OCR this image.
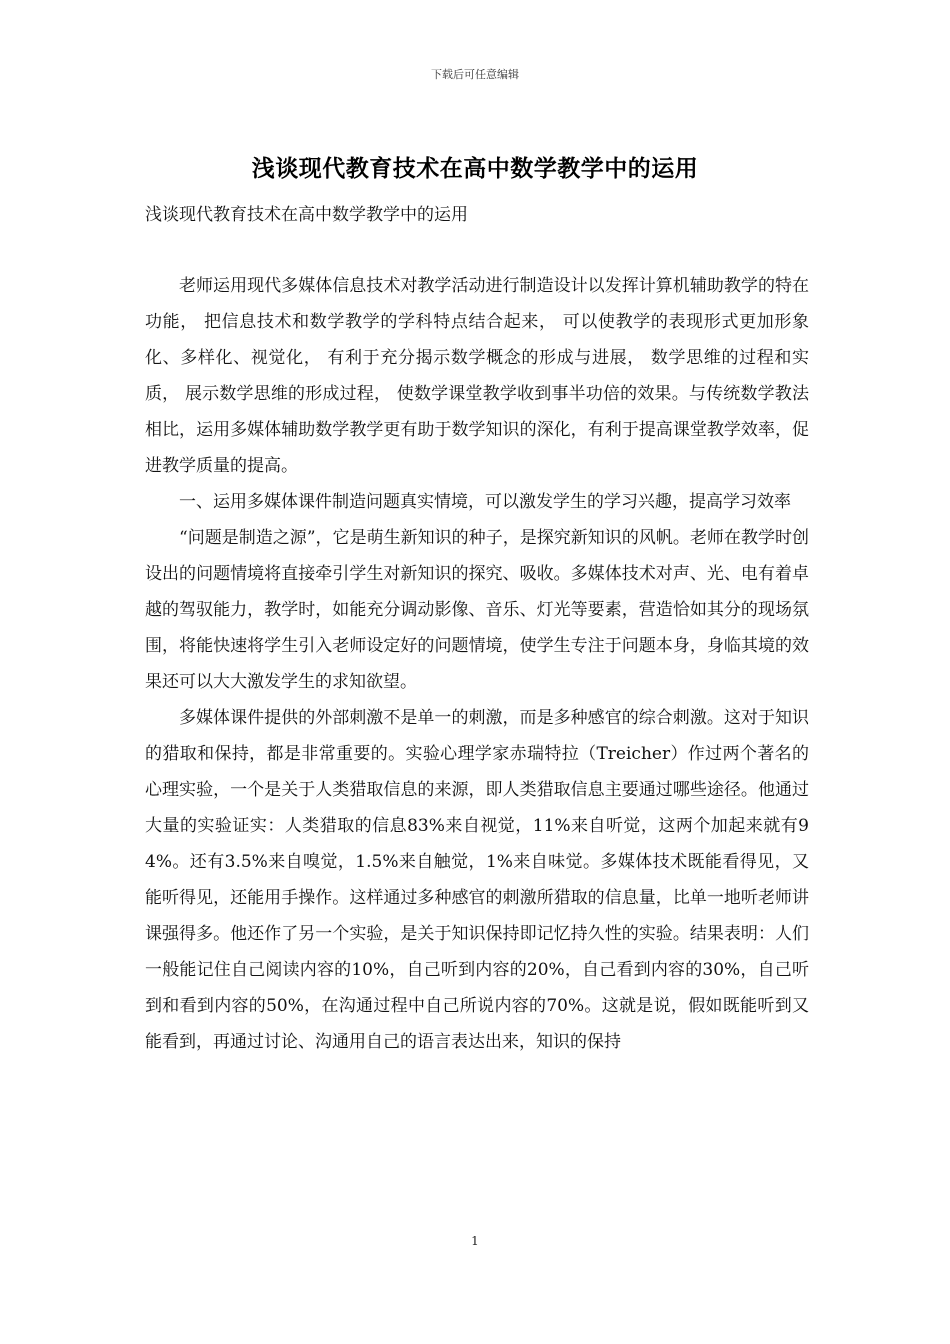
下载后可任意编辑
浅谈现代教育技术在高中数学教学中的运用
浅谈现代教育技术在高中数学教学中的运用

老师运用现代多媒体信息技术对教学活动进行制造设计以发挥计算机辅助教学的特在功能， 把信息技术和数学教学的学科特点结合起来， 可以使教学的表现形式更加形象化、多样化、视觉化， 有利于充分揭示数学概念的形成与进展， 数学思维的过程和实质， 展示数学思维的形成过程， 使数学课堂教学收到事半功倍的效果。与传统数学教法相比，运用多媒体辅助数学教学更有助于数学知识的深化，有利于提高课堂教学效率，促进教学质量的提高。

一、运用多媒体课件制造问题真实情境，可以激发学生的学习兴趣，提高学习效率

“问题是制造之源”，它是萌生新知识的种子，是探究新知识的风帆。老师在教学时创设出的问题情境将直接牵引学生对新知识的探究、吸收。多媒体技术对声、光、电有着卓越的驾驭能力，教学时，如能充分调动影像、音乐、灯光等要素，营造恰如其分的现场氛围，将能快速将学生引入老师设定好的问题情境，使学生专注于问题本身，身临其境的效果还可以大大激发学生的求知欲望。

多媒体课件提供的外部刺激不是单一的刺激，而是多种感官的综合刺激。这对于知识的猎取和保持，都是非常重要的。实验心理学家赤瑞特拉（Treicher）作过两个著名的心理实验，一个是关于人类猎取信息的来源，即人类猎取信息主要通过哪些途径。他通过大量的实验证实：人类猎取的信息83%来自视觉，11%来自听觉，这两个加起来就有94%。还有3.5%来自嗅觉，1.5%来自触觉，1%来自味觉。多媒体技术既能看得见，又能听得见，还能用手操作。这样通过多种感官的刺激所猎取的信息量，比单一地听老师讲课强得多。他还作了另一个实验，是关于知识保持即记忆持久性的实验。结果表明：人们一般能记住自己阅读内容的10%，自己听到内容的20%，自己看到内容的30%，自己听到和看到内容的50%，在沟通过程中自己所说内容的70%。这就是说，假如既能听到又能看到，再通过讨论、沟通用自己的语言表达出来，知识的保持

1
